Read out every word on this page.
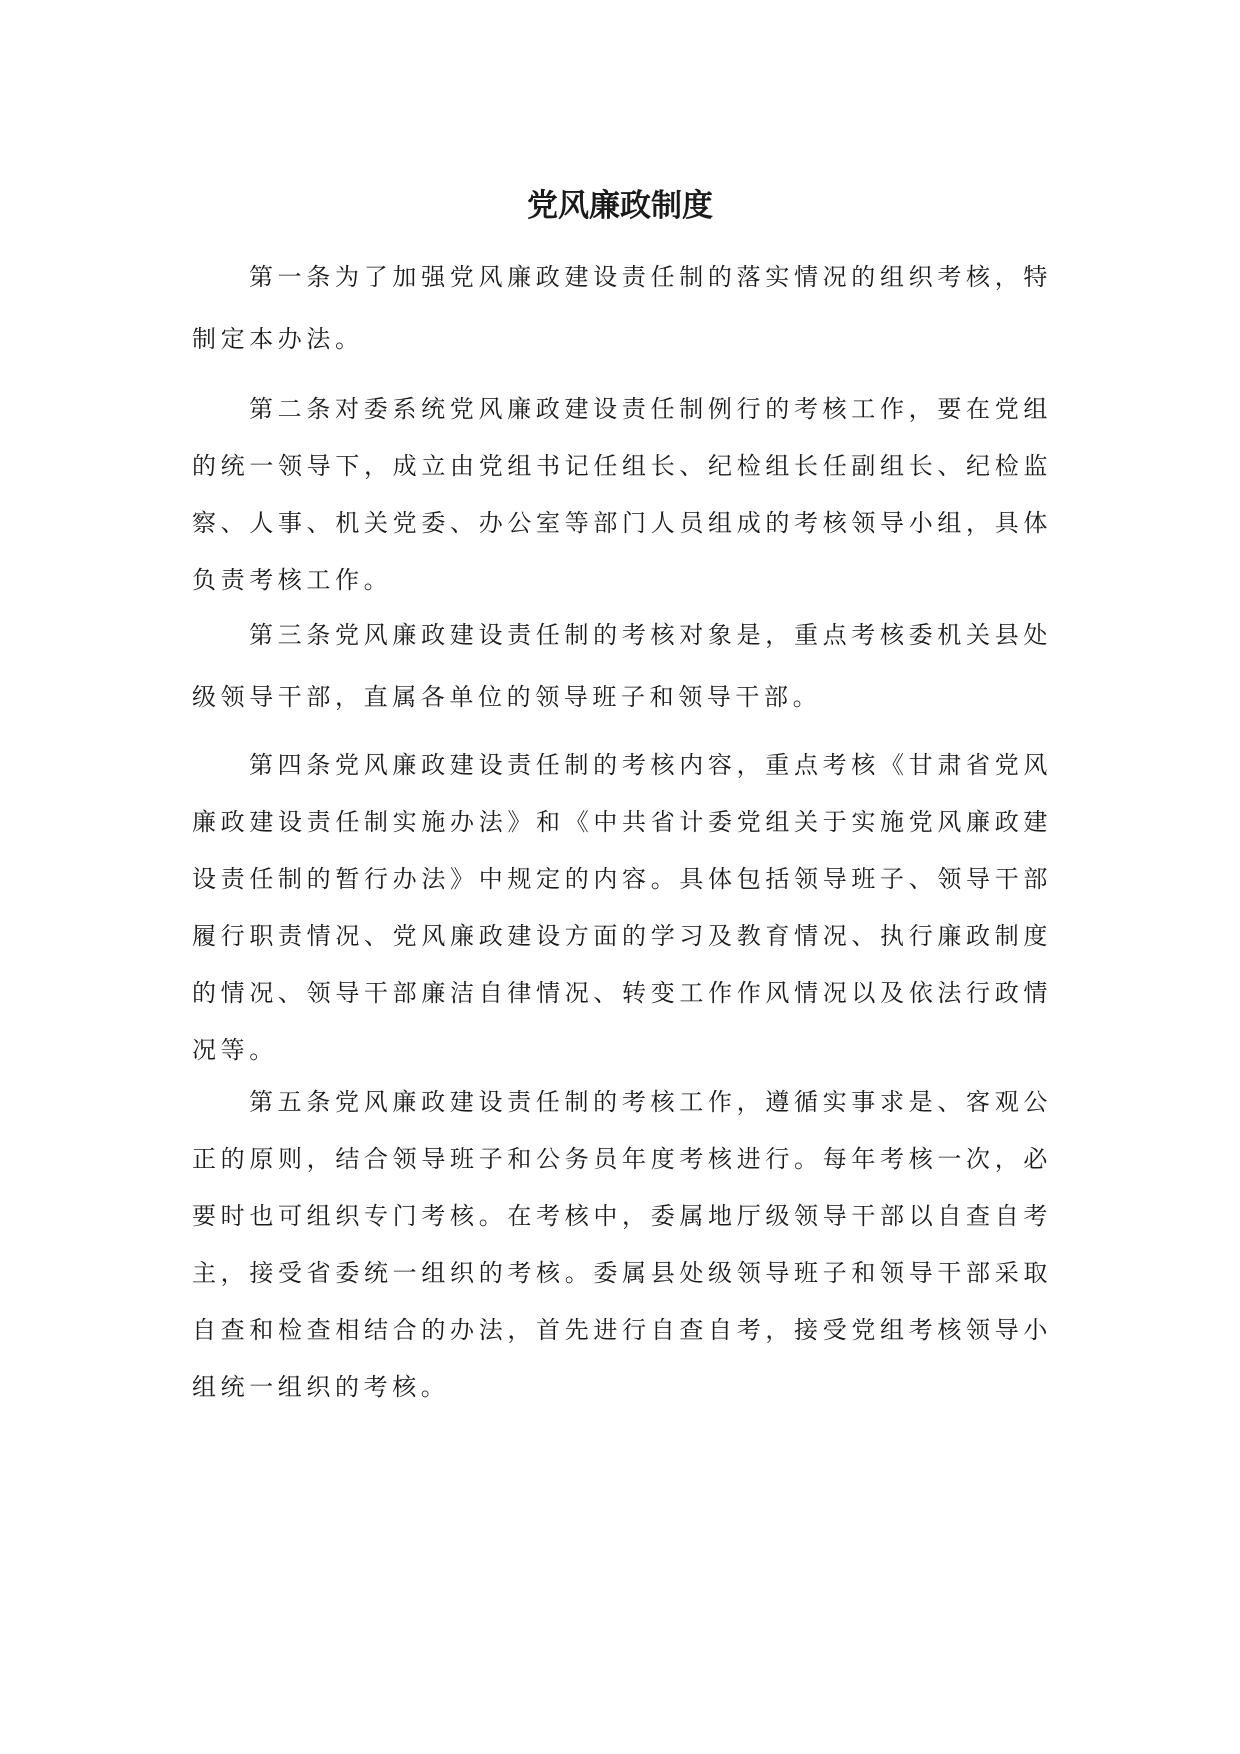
党风廉政制度

第一条为了加强党风廉政建设责任制的落实情况的组织考核，特制定本办法。

第二条对委系统党风廉政建设责任制例行的考核工作，要在党组的统一领导下，成立由党组书记任组长、纪检组长任副组长、纪检监察、人事、机关党委、办公室等部门人员组成的考核领导小组，具体负责考核工作。

第三条党风廉政建设责任制的考核对象是，重点考核委机关县处级领导干部，直属各单位的领导班子和领导干部。

第四条党风廉政建设责任制的考核内容，重点考核《甘肃省党风廉政建设责任制实施办法》和《中共省计委党组关于实施党风廉政建设责任制的暂行办法》中规定的内容。具体包括领导班子、领导干部履行职责情况、党风廉政建设方面的学习及教育情况、执行廉政制度的情况、领导干部廉洁自律情况、转变工作作风情况以及依法行政情况等。

第五条党风廉政建设责任制的考核工作，遵循实事求是、客观公正的原则，结合领导班子和公务员年度考核进行。每年考核一次，必要时也可组织专门考核。在考核中，委属地厅级领导干部以自查自考主，接受省委统一组织的考核。委属县处级领导班子和领导干部采取自查和检查相结合的办法，首先进行自查自考，接受党组考核领导小组统一组织的考核。
